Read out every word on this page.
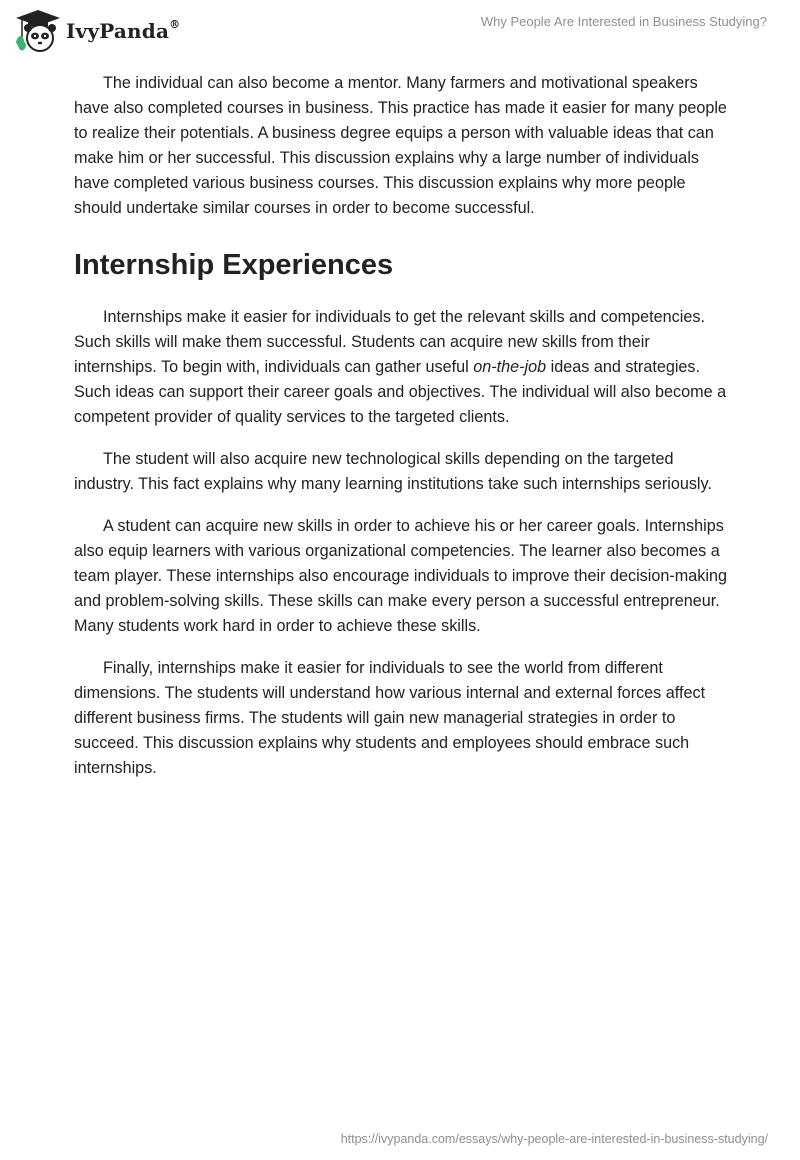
IvyPanda®	Why People Are Interested in Business Studying?

The individual can also become a mentor. Many farmers and motivational speakers have also completed courses in business. This practice has made it easier for many people to realize their potentials. A business degree equips a person with valuable ideas that can make him or her successful. This discussion explains why a large number of individuals have completed various business courses. This discussion explains why more people should undertake similar courses in order to become successful.

Internship Experiences

Internships make it easier for individuals to get the relevant skills and competencies. Such skills will make them successful. Students can acquire new skills from their internships. To begin with, individuals can gather useful on-the-job ideas and strategies. Such ideas can support their career goals and objectives. The individual will also become a competent provider of quality services to the targeted clients.

The student will also acquire new technological skills depending on the targeted industry. This fact explains why many learning institutions take such internships seriously.

A student can acquire new skills in order to achieve his or her career goals. Internships also equip learners with various organizational competencies. The learner also becomes a team player. These internships also encourage individuals to improve their decision-making and problem-solving skills. These skills can make every person a successful entrepreneur. Many students work hard in order to achieve these skills.

Finally, internships make it easier for individuals to see the world from different dimensions. The students will understand how various internal and external forces affect different business firms. The students will gain new managerial strategies in order to succeed. This discussion explains why students and employees should embrace such internships.

https://ivypanda.com/essays/why-people-are-interested-in-business-studying/
